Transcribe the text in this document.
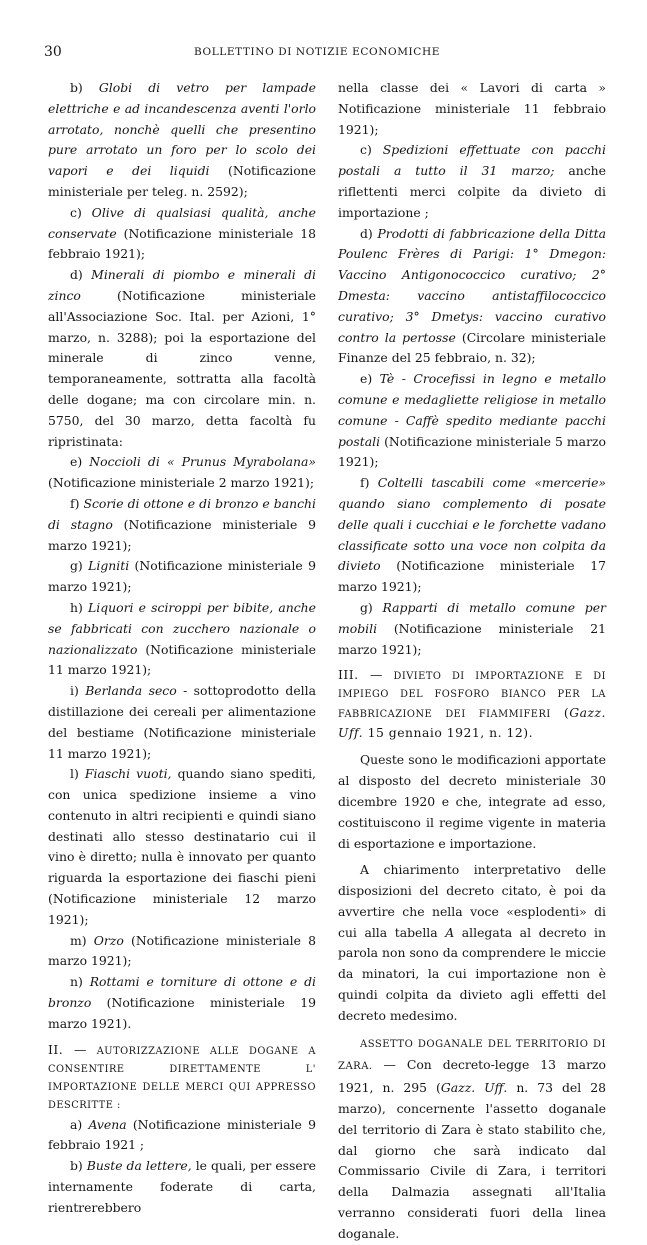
30	BOLLETTINO DI NOTIZIE ECONOMICHE

b) Globi di vetro per lampade elettriche e ad incandescenza aventi l'orlo arrotato, nonchè quelli che presentino pure arrotato un foro per lo scolo dei vapori e dei liquidi (Notificazione ministeriale per teleg. n. 2592);

c) Olive di qualsiasi qualità, anche conservate (Notificazione ministeriale 18 febbraio 1921);

d) Minerali di piombo e minerali di zinco	(Notificazione ministeriale all'Associazione Soc. Ital. per Azioni, 1° marzo, n. 3288); poi la esportazione del minerale di zinco venne, temporaneamente, sottratta alla facoltà delle dogane; ma con circolare min. n. 5750, del 30 marzo, detta facoltà fu ripristinata:

e) Noccioli di « Prunus Myrabolana» (Notificazione ministeriale 2 marzo 1921);

f) Scorie di ottone e di bronzo e banchi di stagno (Notificazione ministeriale 9 marzo 1921);

g) Ligniti (Notificazione ministeriale 9 marzo 1921);

h) Liquori e sciroppi per bibite, anche se fabbricati con zucchero nazionale o nazionalizzato (Notificazione ministeriale 11 marzo 1921);

i) Berlanda seco - sottoprodotto della distillazione dei cereali per alimentazione del bestiame (Notificazione ministeriale 11 marzo 1921);

l) Fiaschi vuoti, quando siano spediti, con unica spedizione insieme a vino contenuto in altri recipienti e quindi siano destinati allo stesso destinatario cui il vino è diretto; nulla è innovato per quanto riguarda la esportazione dei fiaschi pieni (Notificazione ministeriale 12 marzo 1921);

m) Orzo (Notificazione ministeriale 8 marzo 1921);

n) Rottami e torniture di ottone e di bronzo (Notificazione ministeriale 19 marzo 1921).

II. — AUTORIZZAZIONE ALLE DOGANE A CONSENTIRE DIRETTAMENTE L' IMPORTAZIONE DELLE MERCI QUI APPRESSO DESCRITTE :

a) Avena (Notificazione ministeriale 9 febbraio 1921 ;

b) Buste da lettere, le quali, per essere internamente foderate di carta, rientrerebbero

nella classe dei « Lavori di carta » Notificazione ministeriale 11 febbraio 1921);

c) Spedizioni effettuate con pacchi postali a tutto il 31 marzo; anche riflettenti merci colpite da divieto di importazione ;

d) Prodotti di fabbricazione della Ditta Poulenc Frères di Parigi: 1° Dmegon: Vaccino Antigonococcico curativo; 2° Dmesta: vaccino antistaffilococcico curativo; 3° Dmetys: vaccino curativo contro la pertosse (Circolare ministeriale Finanze del 25 febbraio, n. 32);

e) Tè - Crocefissi in legno e metallo comune e medagliette religiose in metallo comune - Caffè spedito mediante pacchi postali (Notificazione ministeriale 5 marzo 1921);

f) Coltelli tascabili come «mercerie» quando siano complemento di posate delle quali i cucchiai e le forchette vadano classificate sotto una voce non colpita da divieto (Notificazione ministeriale 17 marzo 1921);

g) Rapparti di metallo comune per mobili (Notificazione ministeriale 21 marzo 1921);

III. — DIVIETO DI IMPORTAZIONE E DI IMPIEGO DEL FOSFORO BIANCO PER LA FABBRICAZIONE DEI FIAMMIFERI (Gazz. Uff. 15 gennaio 1921, n. 12).

Queste sono le modificazioni apportate al disposto del decreto ministeriale 30 dicembre 1920 e che, integrate ad esso, costituiscono il regime vigente in materia di esportazione e importazione.

A chiarimento interpretativo delle disposizioni del decreto citato, è poi da avvertire che nella voce «esplodenti» di cui alla tabella A allegata al decreto in parola non sono da comprendere le miccie da minatori, la cui importazione non è quindi colpita da divieto agli effetti del decreto medesimo.

ASSETTO DOGANALE DEL TERRITORIO DI ZARA. — Con decreto-legge 13 marzo 1921, n. 295 (Gazz. Uff. n. 73 del 28 marzo), concernente l'assetto doganale del territorio di Zara è stato stabilito che, dal giorno che sarà indicato dal Commissario Civile di Zara, i territori della Dalmazia assegnati all'Italia verranno considerati fuori della linea doganale.
